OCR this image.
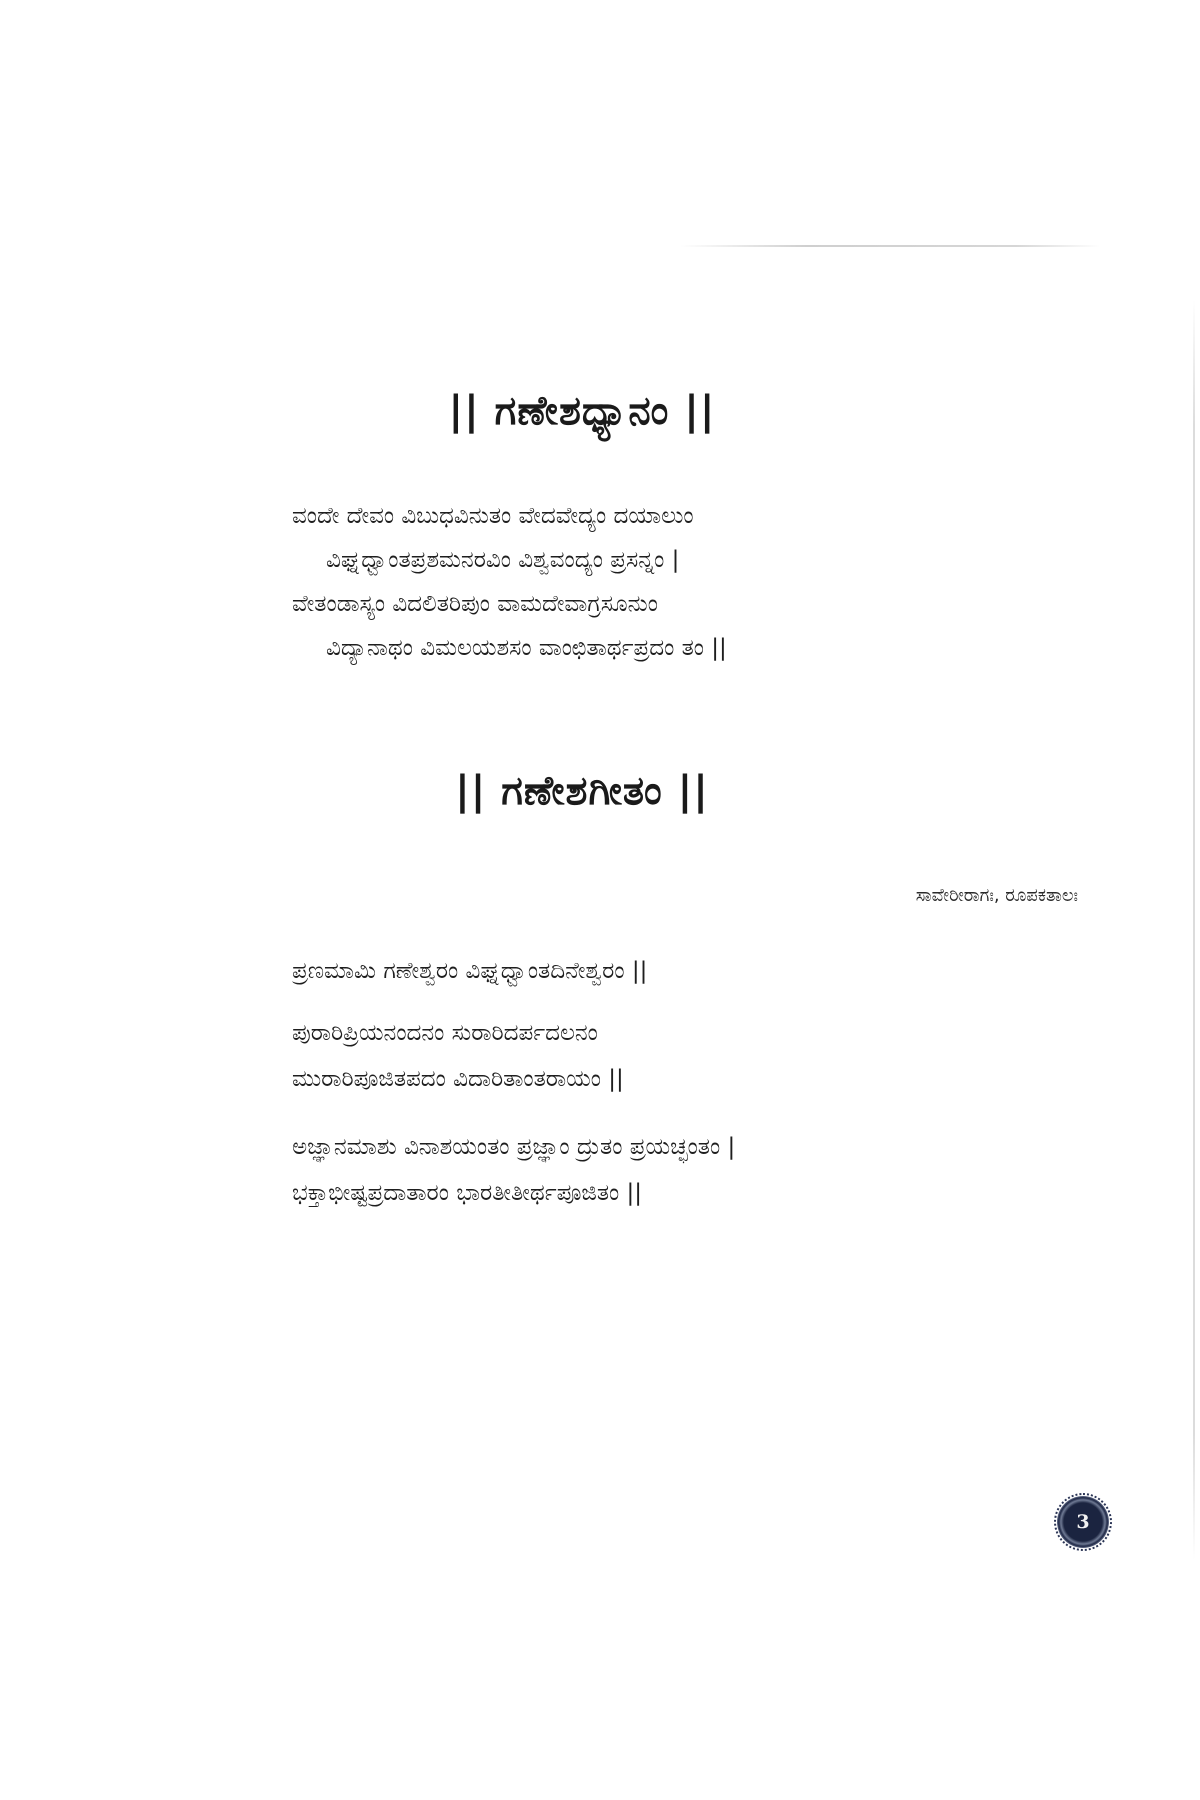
|| ಗಣೇಶಧ್ಯಾನಂ ||
ವಂದೇ ದೇವಂ ವಿಬುಧವಿನುತಂ ವೇದವೇದ್ಯಂ ದಯಾಲುಂ
ವಿಘ್ನಧ್ವಾಂತಪ್ರಶಮನರವಿಂ ವಿಶ್ವವಂದ್ಯಂ ಪ್ರಸನ್ನಂ |
ವೇತಂಡಾಸ್ಯಂ ವಿದಲಿತರಿಪುಂ ವಾಮದೇವಾಗ್ರಸೂನುಂ
ವಿದ್ಯಾನಾಥಂ ವಿಮಲಯಶಸಂ ವಾಂಛಿತಾರ್ಥಪ್ರದಂ ತಂ ||
|| ಗಣೇಶಗೀತಂ ||
ಸಾವೇರೀರಾಗಃ, ರೂಪಕತಾಲಃ
ಪ್ರಣಮಾಮಿ ಗಣೇಶ್ವರಂ ವಿಘ್ನಧ್ವಾಂತದಿನೇಶ್ವರಂ ||
ಪುರಾರಿಪ್ರಿಯನಂದನಂ ಸುರಾರಿದರ್ಪದಲನಂ
ಮುರಾರಿಪೂಜಿತಪದಂ ವಿದಾರಿತಾಂತರಾಯಂ ||
ಅಜ್ಞಾನಮಾಶು ವಿನಾಶಯಂತಂ ಪ್ರಜ್ಞಾಂ ದ್ರುತಂ ಪ್ರಯಚ್ಛಂತಂ |
ಭಕ್ತಾಭೀಷ್ಟಪ್ರದಾತಾರಂ ಭಾರತೀತೀರ್ಥಪೂಜಿತಂ ||
3
